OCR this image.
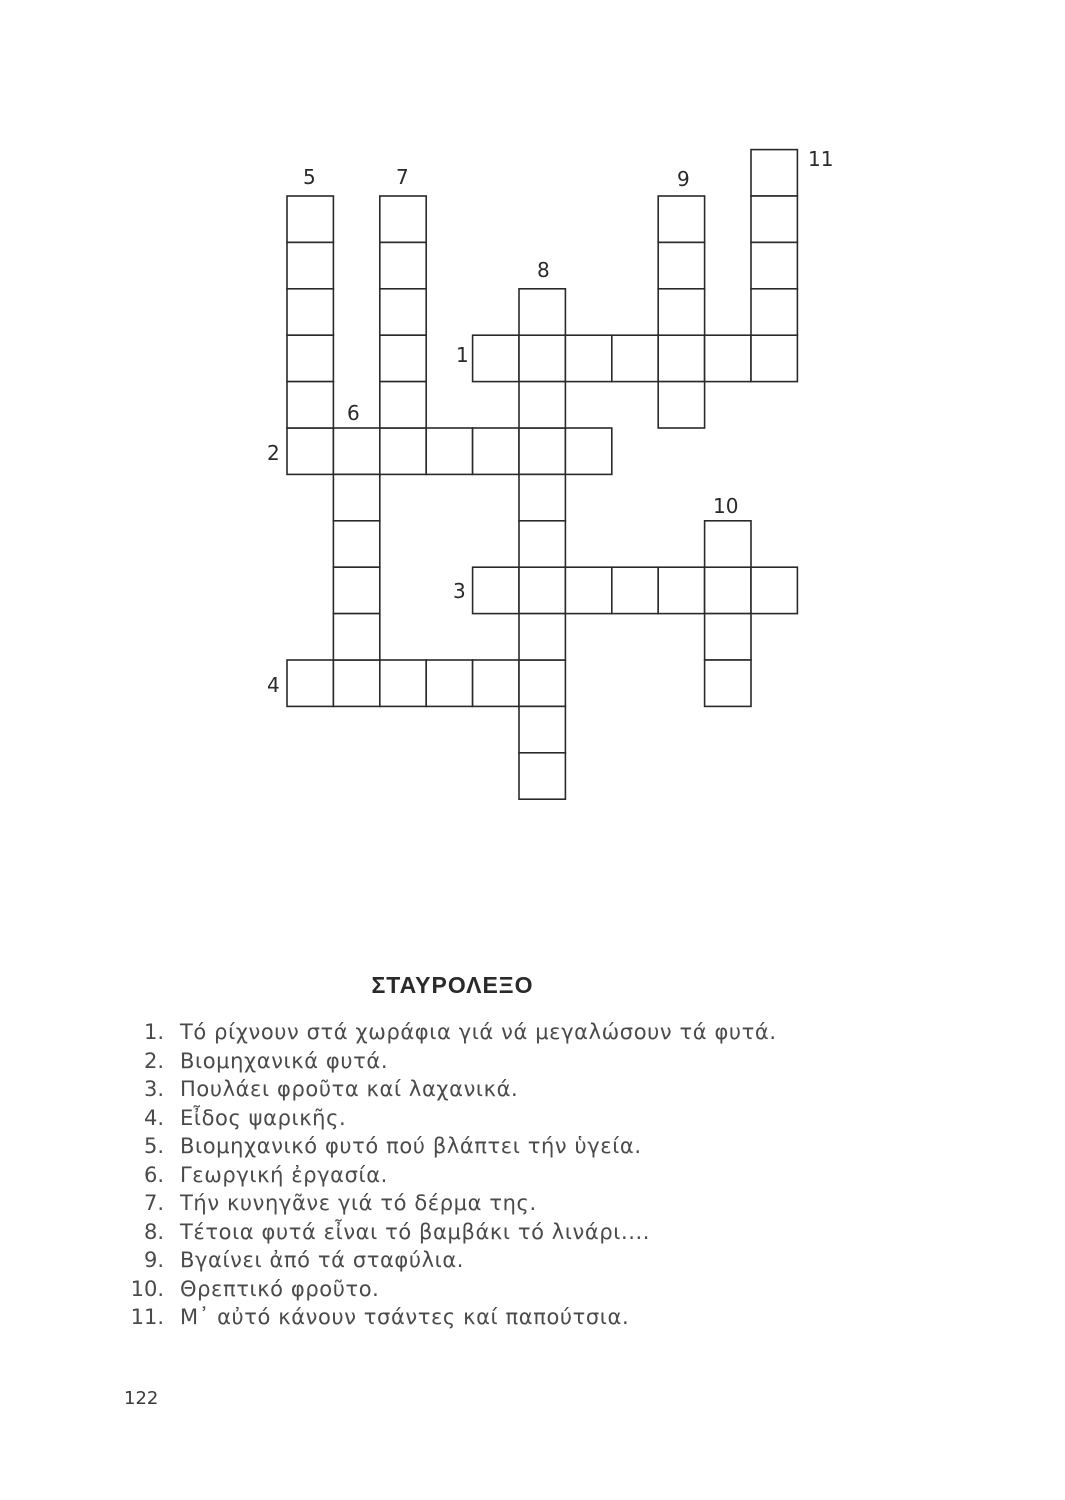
5	7	9
11
8
1
6
2
10
3
4
ΣΤΑΥΡΟΛΕΞΟ
1. Τό ρίχνουν στά χωράφια γιά νά μεγαλώσουν τά φυτά.
2. Βιομηχανικά φυτά.
3. Πουλάει φροῦτα καί λαχανικά.
4. Εἶδος ψαρικῆς.
5. Βιομηχανικό φυτό πού βλάπτει τήν ὑγεία.
6. Γεωργική ἐργασία.
7. Τήν κυνηγᾶνε γιά τό δέρμα της.
8. Τέτοια φυτά εἶναι τό βαμβάκι τό λινάρι....
9. Βγαίνει ἀπό τά σταφύλια.
10. Θρεπτικό φροῦτο.
11. Μ᾽ αὐτό κάνουν τσάντες καί παπούτσια.
122
